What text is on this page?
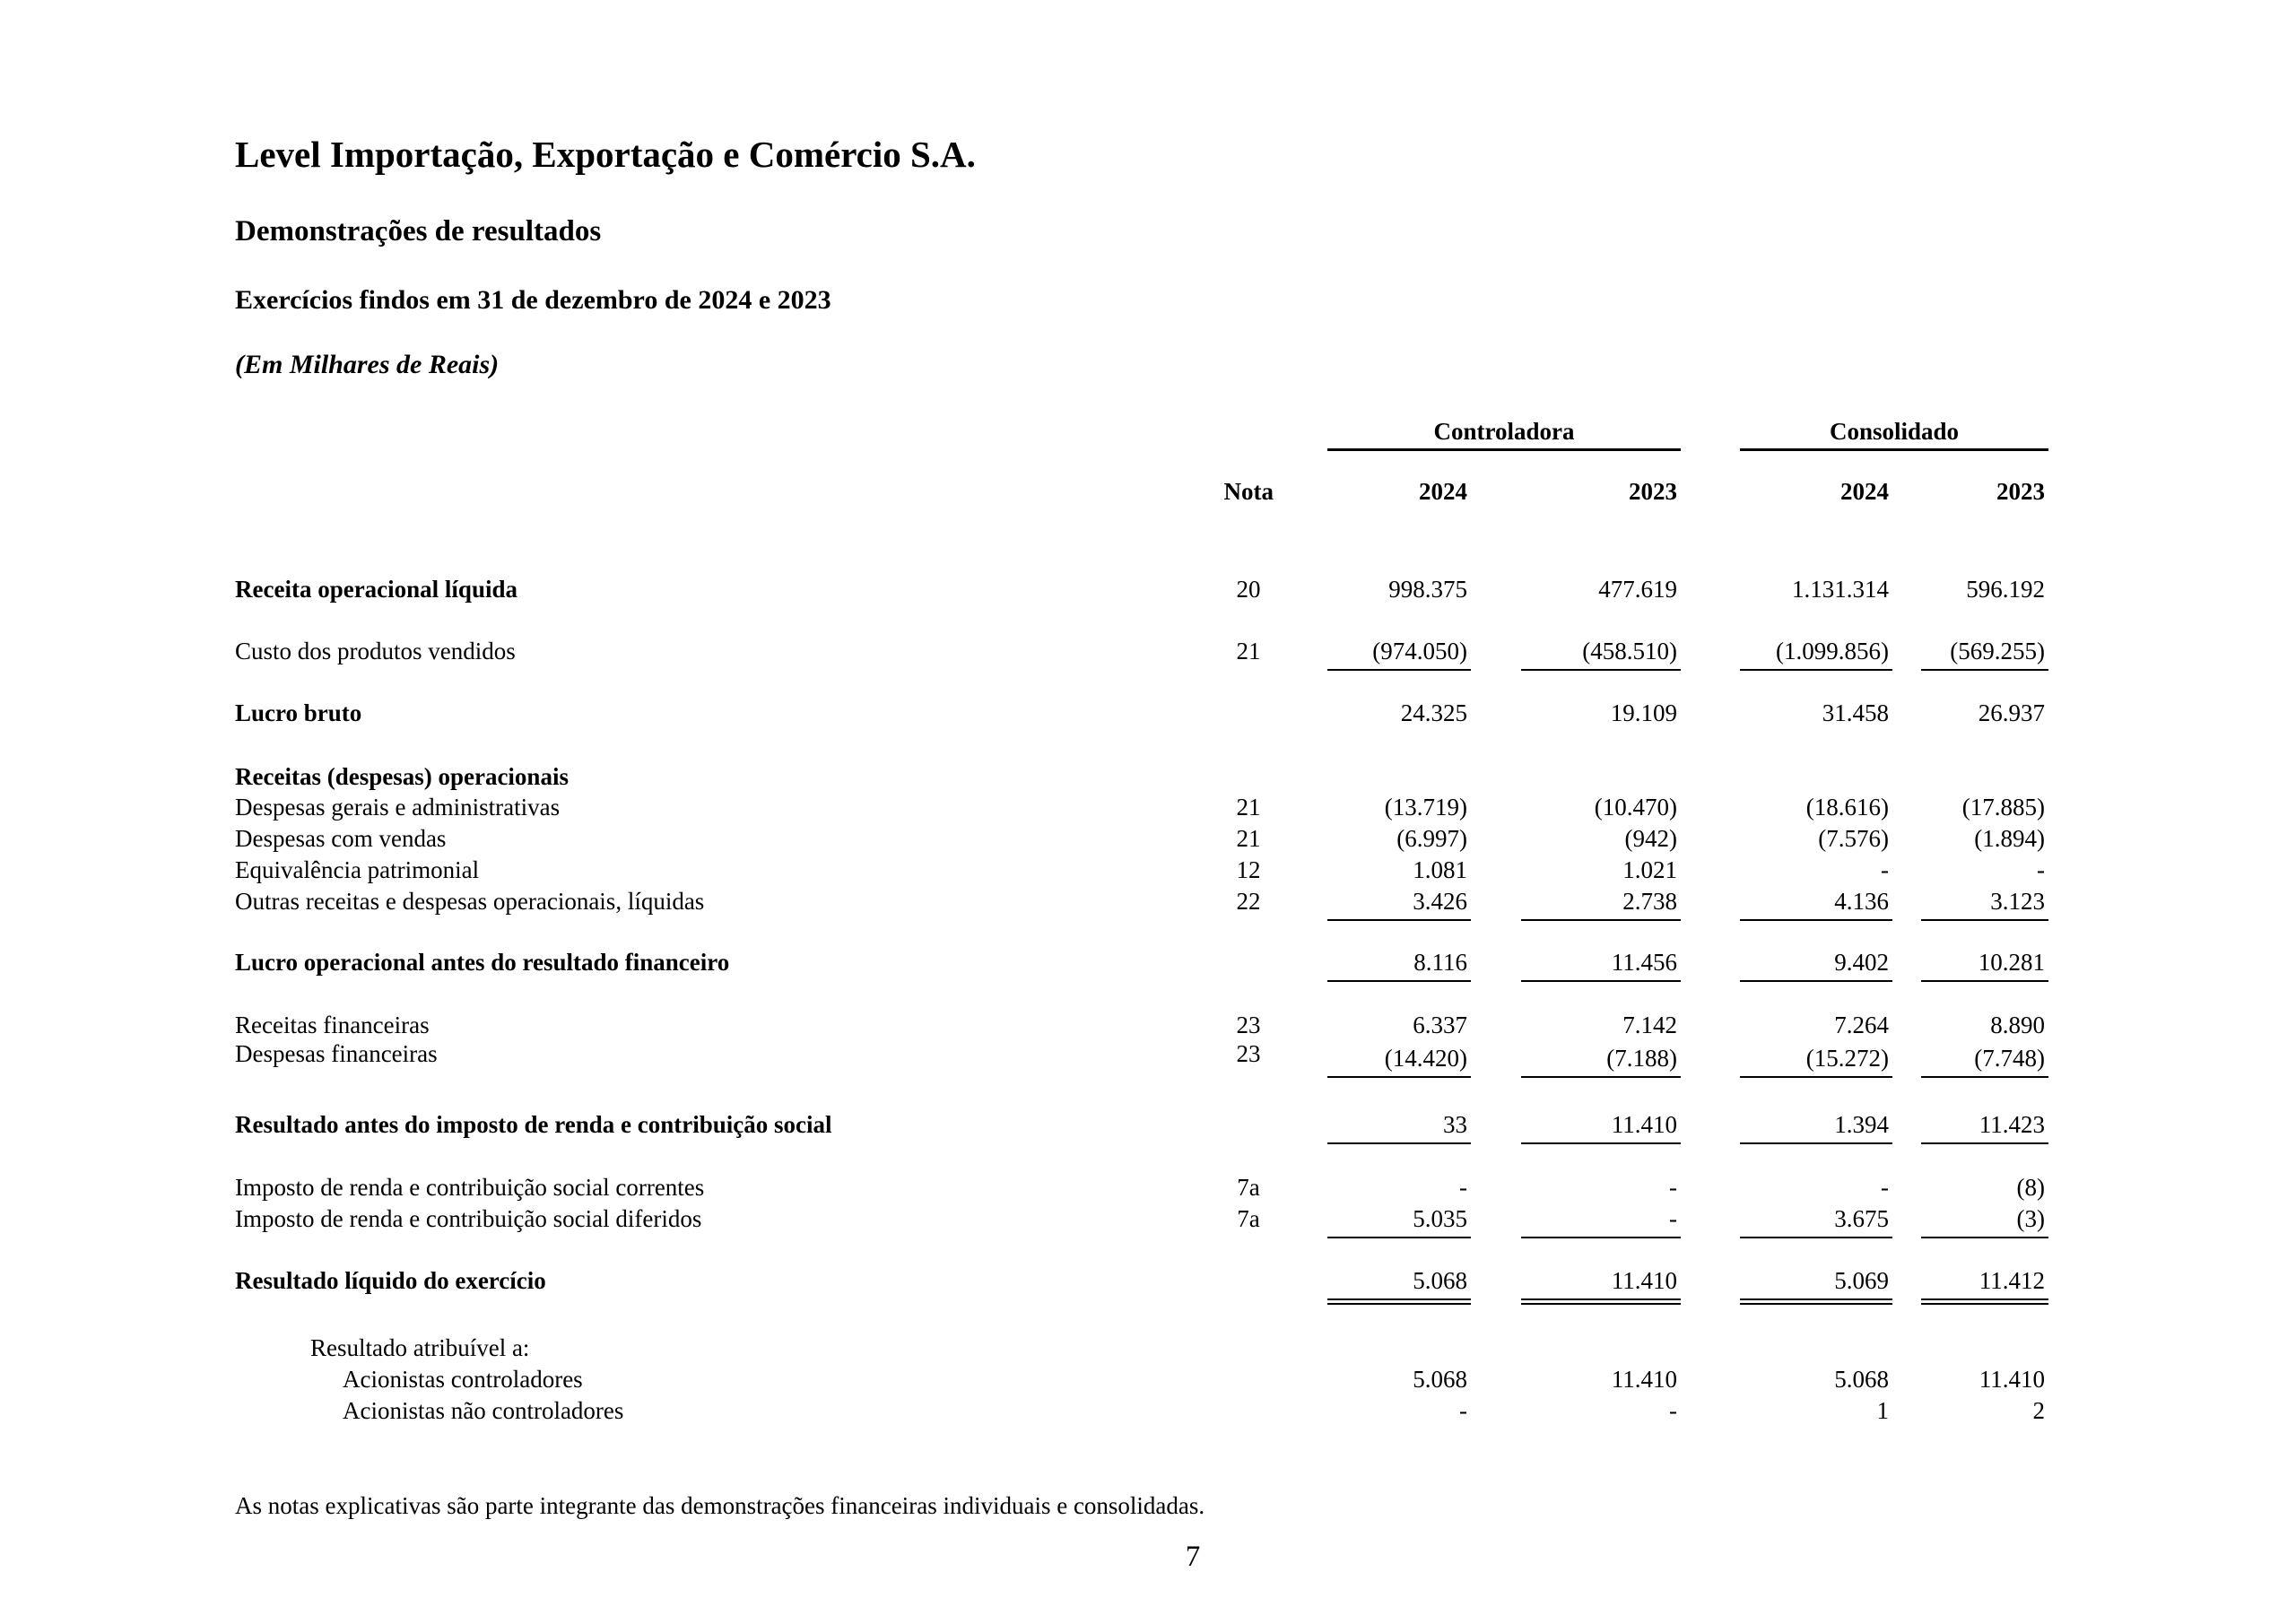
Level Importação, Exportação e Comércio S.A.
Demonstrações de resultados
Exercícios findos em 31 de dezembro de 2024 e 2023
(Em Milhares de Reais)
Controladora	Consolidado
Nota	2024	2023	2024	2023
Receita operacional líquida	20	998.375	477.619	1.131.314	596.192
Custo dos produtos vendidos	21	(974.050)	(458.510)	(1.099.856)	(569.255)
Lucro bruto	24.325	19.109	31.458	26.937
Receitas (despesas) operacionais
Despesas gerais e administrativas	21	(13.719)	(10.470)	(18.616)	(17.885)
Despesas com vendas	21	(6.997)	(942)	(7.576)	(1.894)
Equivalência patrimonial	12	1.081	1.021	-	-
Outras receitas e despesas operacionais, líquidas	22	3.426	2.738	4.136	3.123
Lucro operacional antes do resultado financeiro	8.116	11.456	9.402	10.281
Receitas financeiras	23	6.337	7.142	7.264	8.890
Despesas financeiras	23	(14.420)	(7.188)	(15.272)	(7.748)
Resultado antes do imposto de renda e contribuição social	33	11.410	1.394	11.423
Imposto de renda e contribuição social correntes	7a	-	-	-	(8)
Imposto de renda e contribuição social diferidos	7a	5.035	-	3.675	(3)
Resultado líquido do exercício	5.068	11.410	5.069	11.412
Resultado atribuível a:
Acionistas controladores	5.068	11.410	5.068	11.410
Acionistas não controladores	-	-	1	2
As notas explicativas são parte integrante das demonstrações financeiras individuais e consolidadas.
7
